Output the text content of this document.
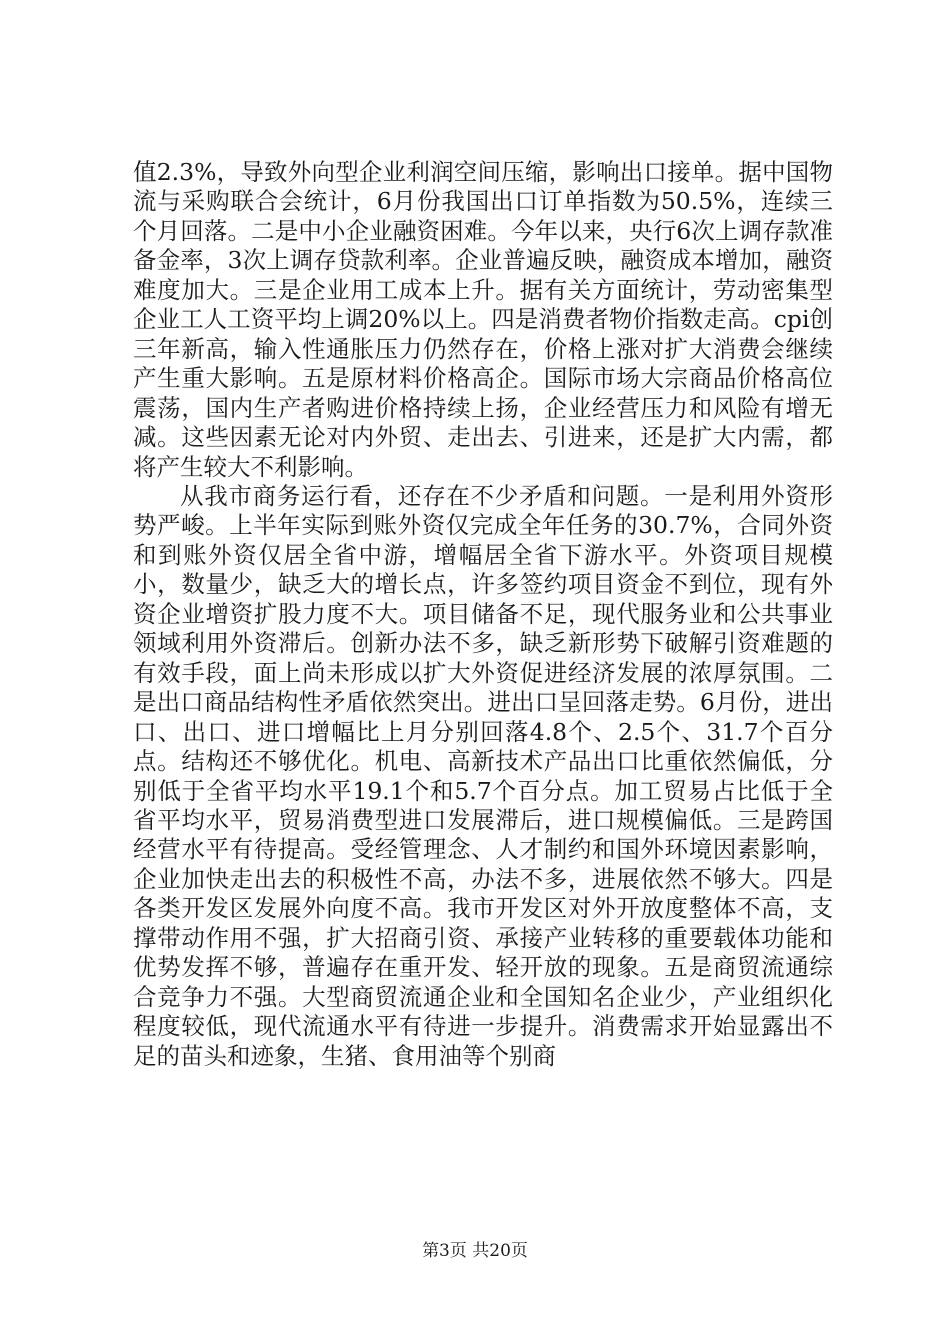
值2.3%，导致外向型企业利润空间压缩，影响出口接单。据中国物流与采购联合会统计，6月份我国出口订单指数为50.5%，连续三个月回落。二是中小企业融资困难。今年以来，央行6次上调存款准备金率，3次上调存贷款利率。企业普遍反映，融资成本增加，融资难度加大。三是企业用工成本上升。据有关方面统计，劳动密集型企业工人工资平均上调20%以上。四是消费者物价指数走高。cpi创三年新高，输入性通胀压力仍然存在，价格上涨对扩大消费会继续产生重大影响。五是原材料价格高企。国际市场大宗商品价格高位震荡，国内生产者购进价格持续上扬，企业经营压力和风险有增无减。这些因素无论对内外贸、走出去、引进来，还是扩大内需，都将产生较大不利影响。

从我市商务运行看，还存在不少矛盾和问题。一是利用外资形势严峻。上半年实际到账外资仅完成全年任务的30.7%，合同外资和到账外资仅居全省中游，增幅居全省下游水平。外资项目规模小，数量少，缺乏大的增长点，许多签约项目资金不到位，现有外资企业增资扩股力度不大。项目储备不足，现代服务业和公共事业领域利用外资滞后。创新办法不多，缺乏新形势下破解引资难题的有效手段，面上尚未形成以扩大外资促进经济发展的浓厚氛围。二是出口商品结构性矛盾依然突出。进出口呈回落走势。6月份，进出口、出口、进口增幅比上月分别回落4.8个、2.5个、31.7个百分点。结构还不够优化。机电、高新技术产品出口比重依然偏低，分别低于全省平均水平19.1个和5.7个百分点。加工贸易占比低于全省平均水平，贸易消费型进口发展滞后，进口规模偏低。三是跨国经营水平有待提高。受经管理念、人才制约和国外环境因素影响，企业加快走出去的积极性不高，办法不多，进展依然不够大。四是各类开发区发展外向度不高。我市开发区对外开放度整体不高，支撑带动作用不强，扩大招商引资、承接产业转移的重要载体功能和优势发挥不够，普遍存在重开发、轻开放的现象。五是商贸流通综合竞争力不强。大型商贸流通企业和全国知名企业少，产业组织化程度较低，现代流通水平有待进一步提升。消费需求开始显露出不足的苗头和迹象，生猪、食用油等个别商

第3页 共20页
